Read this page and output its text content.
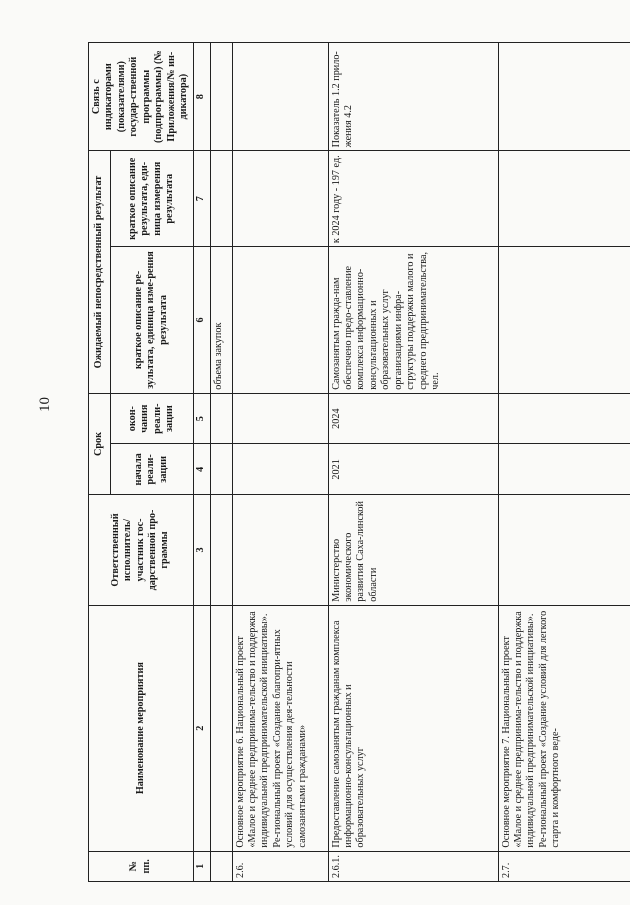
10
№ пп.	Наименование мероприятия	Ответственный исполнитель/ участник гос-дарственной про-граммы	Срок		Ожидаемый непосредственный результат		Связь с индикаторами (показателями) государ-ственной программы (подпрограммы) (№ Приложения/№ ин-дикатора)
			начала реали-зации	окон-чания реали-зации	краткое описание ре-зультата, единица изме-рения результата	краткое описание результата, еди-ница измерения результата	
1	2	3	4	5	6	7	8
					объема закупок		
2.6.	Основное мероприятие 6. Национальный проект «Малое и среднее предпринима-тельство и поддержка индивидуальной предпринимательской инициативы». Ре-гиональный проект «Создание благопри-ятных условий для осуществления дея-тельности самозанятыми гражданами»						
2.6.1.	Предоставление самозанятым гражданам комплекса информационно-консультационных и образовательных услуг	Министерство экономического развития Саха-линской области	2021	2024	Самозанятым гражда-нам обеспечено предо-ставление комплекса информационно-консультационных и образовательных услуг организациями инфра-структуры поддержки малого и среднего предпринимательства, чел.	к 2024 году - 197 ед.	Показатель 1.2 прило-жения 4.2
2.7.	Основное мероприятие 7. Национальный проект «Малое и среднее предпринима-тельство и поддержка индивидуальной предпринимательской инициативы». Ре-гиональный проект «Создание условий для легкого старта и комфортного веде-						
